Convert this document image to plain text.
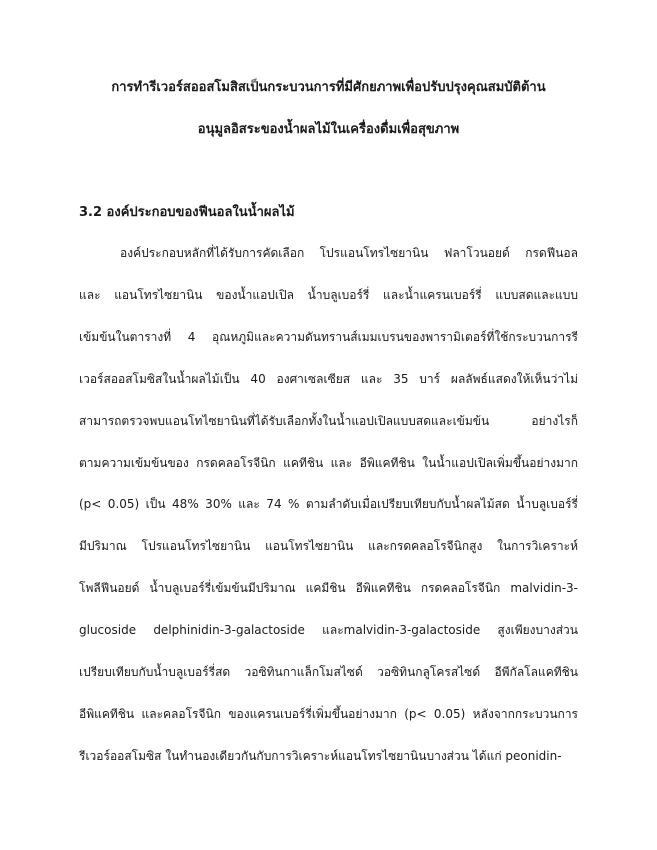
การทำรีเวอร์สออสโมสิสเป็นกระบวนการที่มีศักยภาพเพื่อปรับปรุงคุณสมบัติต้าน
อนุมูลอิสระของน้ำผลไม้ในเครื่องดื่มเพื่อสุขภาพ
3.2 องค์ประกอบของฟีนอลในน้ำผลไม้
องค์ประกอบหลักที่ได้รับการคัดเลือก โปรแอนโทรไซยานิน ฟลาโวนอยด์ กรดฟีนอล
และ แอนโทรไซยานิน ของน้ำแอปเปิล น้ำบลูเบอร์รี่ และน้ำแครนเบอร์รี่ แบบสดและแบบ
เข้มข้นในตารางที่ 4 อุณหภูมิและความดันทรานส์เมมเบรนของพารามิเตอร์ที่ใช้กระบวนการรี
เวอร์สออสโมซิสในน้ำผลไม้เป็น 40 องศาเซลเซียส และ 35 บาร์ ผลลัพธ์แสดงให้เห็นว่าไม่
สามารถตรวจพบแอนโทไซยานินที่ได้รับเลือกทั้งในน้ำแอปเปิลแบบสดและเข้มข้น อย่างไรก็
ตามความเข้มข้นของ กรดคลอโรจีนิก แคทีชิน และ อีพิแคทีชิน ในน้ำแอปเปิลเพิ่มขึ้นอย่างมาก
(p< 0.05) เป็น 48% 30% และ 74 % ตามลำดับเมื่อเปรียบเทียบกับน้ำผลไม้สด น้ำบลูเบอร์รี่
มีปริมาณ โปรแอนโทรไซยานิน แอนโทรไซยานิน และกรดคลอโรจีนิกสูง ในการวิเคราะห์
โพลีฟีนอยด์ น้ำบลูเบอร์รี่เข้มข้นมีปริมาณ แคมีชิน อีพิแคทีชิน กรดคลอโรจีนิก malvidin-3-
glucoside delphinidin-3-galactoside และmalvidin-3-galactoside สูงเพียงบางส่วน
เปรียบเทียบกับน้ำบลูเบอร์รี่สด วอซิทินกาแล็กโมสไซด์ วอซิทินกลูโครสไซด์ อีพีกัลโลแคทีชิน
อีพิแคทีชิน และคลอโรจีนิก ของแครนเบอร์รี่เพิ่มขึ้นอย่างมาก (p< 0.05) หลังจากกระบวนการ
รีเวอร์ออสโมซิส ในทำนองเดียวกันกับการวิเคราะห์แอนโทรไซยานินบางส่วน ได้แก่ peonidin-
